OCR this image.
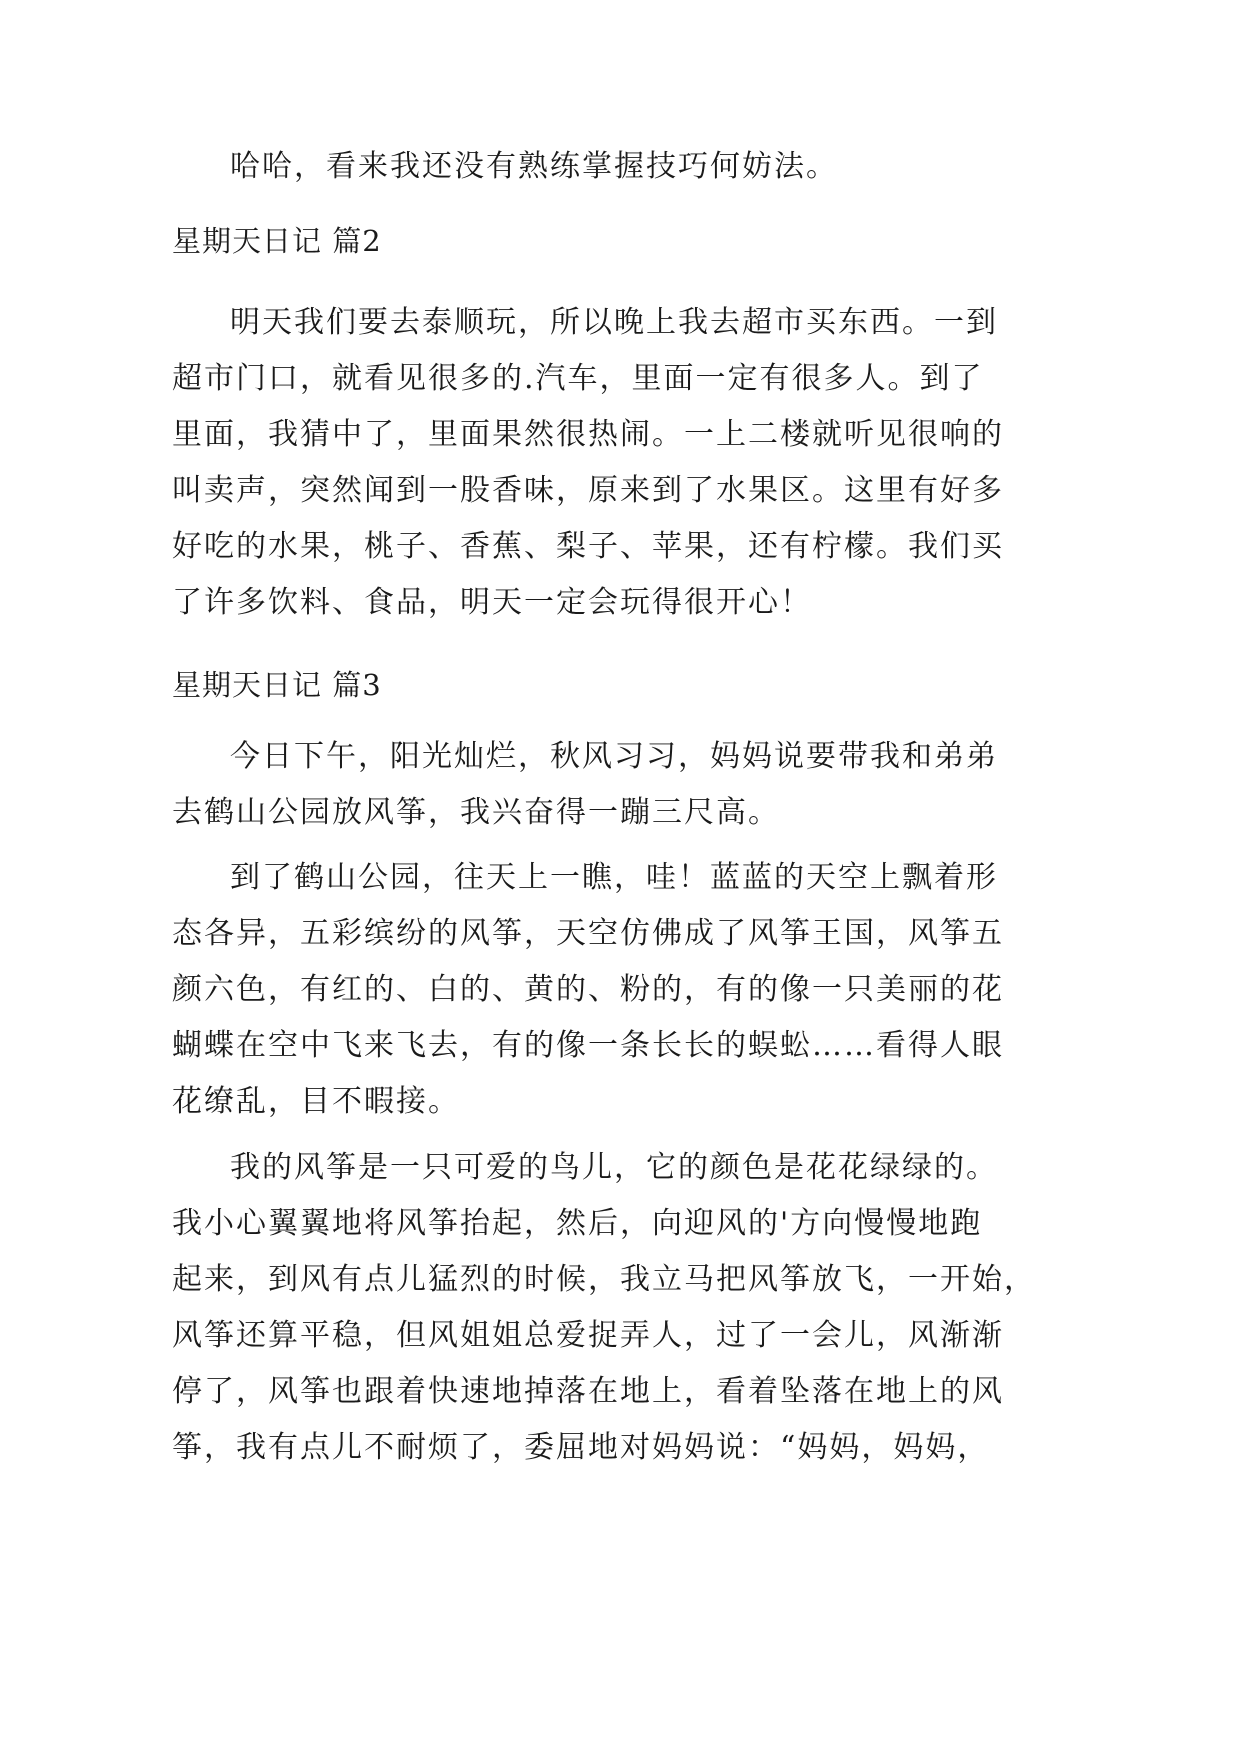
哈哈，看来我还没有熟练掌握技巧何妨法。
星期天日记 篇2
明天我们要去泰顺玩，所以晚上我去超市买东西。一到
超市门口，就看见很多的.汽车，里面一定有很多人。到了
里面，我猜中了，里面果然很热闹。一上二楼就听见很响的
叫卖声，突然闻到一股香味，原来到了水果区。这里有好多
好吃的水果，桃子、香蕉、梨子、苹果，还有柠檬。我们买
了许多饮料、食品，明天一定会玩得很开心！
星期天日记 篇3
今日下午，阳光灿烂，秋风习习，妈妈说要带我和弟弟
去鹤山公园放风筝，我兴奋得一蹦三尺高。
到了鹤山公园，往天上一瞧，哇！蓝蓝的天空上飘着形
态各异，五彩缤纷的风筝，天空仿佛成了风筝王国，风筝五
颜六色，有红的、白的、黄的、粉的，有的像一只美丽的花
蝴蝶在空中飞来飞去，有的像一条长长的蜈蚣……看得人眼
花缭乱，目不暇接。
我的风筝是一只可爱的鸟儿，它的颜色是花花绿绿的。
我小心翼翼地将风筝抬起，然后，向迎风的'方向慢慢地跑
起来，到风有点儿猛烈的时候，我立马把风筝放飞，一开始，
风筝还算平稳，但风姐姐总爱捉弄人，过了一会儿，风渐渐
停了，风筝也跟着快速地掉落在地上，看着坠落在地上的风
筝，我有点儿不耐烦了，委屈地对妈妈说：“妈妈，妈妈，
